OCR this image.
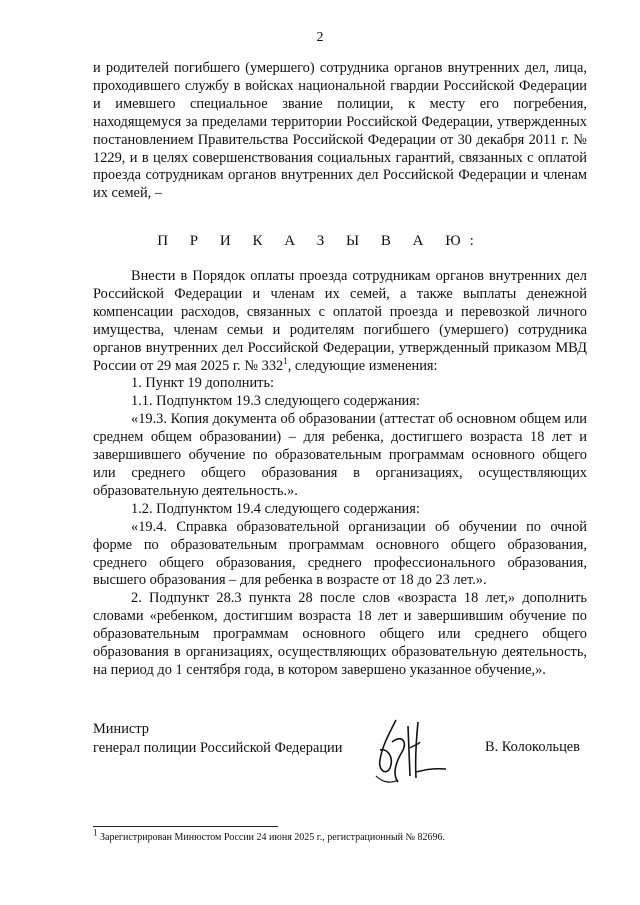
2
и родителей погибшего (умершего) сотрудника органов внутренних дел, лица, проходившего службу в войсках национальной гвардии Российской Федерации и имевшего специальное звание полиции, к месту его погребения, находящемуся за пределами территории Российской Федерации, утвержденных постановлением Правительства Российской Федерации от 30 декабря 2011 г. № 1229, и в целях совершенствования социальных гарантий, связанных с оплатой проезда сотрудникам органов внутренних дел Российской Федерации и членам их семей, –
П Р И К А З Ы В А Ю:

Внести в Порядок оплаты проезда сотрудникам органов внутренних дел Российской Федерации и членам их семей, а также выплаты денежной компенсации расходов, связанных с оплатой проезда и перевозкой личного имущества, членам семьи и родителям погибшего (умершего) сотрудника органов внутренних дел Российской Федерации, утвержденный приказом МВД России от 29 мая 2025 г. № $332^1$, следующие изменения:

1. Пункт 19 дополнить:

1.1. Подпунктом 19.3 следующего содержания:

«19.3. Копия документа об образовании (аттестат об основном общем или среднем общем образовании) – для ребенка, достигшего возраста 18 лет и завершившего обучение по образовательным программам основного общего или среднего общего образования в организациях, осуществляющих образовательную деятельность.».

1.2. Подпунктом 19.4 следующего содержания:

«19.4. Справка образовательной организации об обучении по очной форме по образовательным программам основного общего образования, среднего общего образования, среднего профессионального образования, высшего образования – для ребенка в возрасте от 18 до 23 лет.».

2. Подпункт 28.3 пункта 28 после слов «возраста 18 лет,» дополнить словами «ребенком, достигшим возраста 18 лет и завершившим обучение по образовательным программам основного общего или среднего общего образования в организациях, осуществляющих образовательную деятельность, на период до 1 сентября года, в котором завершено указанное обучение,».

Министр
генерал полиции Российской Федерации	В. Колокольцев
$^1$ Зарегистрирован Минюстом России 24 июня 2025 г., регистрационный № 82696.
